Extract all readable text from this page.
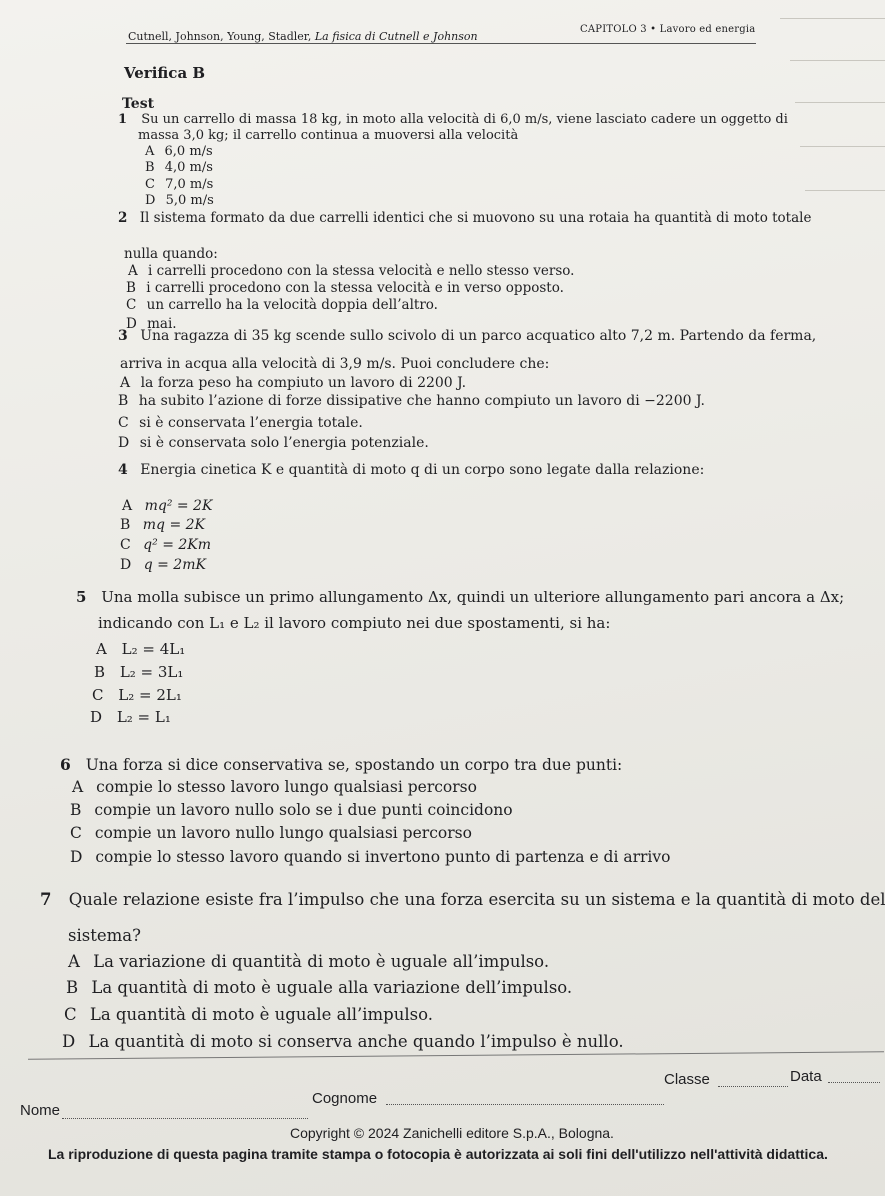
Cutnell, Johnson, Young, Stadler, La fisica di Cutnell e Johnson
CAPITOLO 3 • Lavoro ed energia
Verifica B
Test
1 Su un carrello di massa 18 kg, in moto alla velocità di 6,0 m/s, viene lasciato cadere un oggetto di
massa 3,0 kg; il carrello continua a muoversi alla velocità
A 6,0 m/s
B 4,0 m/s
C 7,0 m/s
D 5,0 m/s
2 Il sistema formato da due carrelli identici che si muovono su una rotaia ha quantità di moto totale
nulla quando:
A i carrelli procedono con la stessa velocità e nello stesso verso.
B i carrelli procedono con la stessa velocità e in verso opposto.
C un carrello ha la velocità doppia dell’altro.
D mai.
3 Una ragazza di 35 kg scende sullo scivolo di un parco acquatico alto 7,2 m. Partendo da ferma,
arriva in acqua alla velocità di 3,9 m/s. Puoi concludere che:
A la forza peso ha compiuto un lavoro di 2200 J.
B ha subito l’azione di forze dissipative che hanno compiuto un lavoro di −2200 J.
C si è conservata l’energia totale.
D si è conservata solo l’energia potenziale.
4 Energia cinetica K e quantità di moto q di un corpo sono legate dalla relazione:
A mq² = 2K
B mq = 2K
C q² = 2Km
D q = 2mK
5 Una molla subisce un primo allungamento Δx, quindi un ulteriore allungamento pari ancora a Δx;
indicando con L₁ e L₂ il lavoro compiuto nei due spostamenti, si ha:
A L₂ = 4L₁
B L₂ = 3L₁
C L₂ = 2L₁
D L₂ = L₁
6 Una forza si dice conservativa se, spostando un corpo tra due punti:
A compie lo stesso lavoro lungo qualsiasi percorso
B compie un lavoro nullo solo se i due punti coincidono
C compie un lavoro nullo lungo qualsiasi percorso
D compie lo stesso lavoro quando si invertono punto di partenza e di arrivo
7 Quale relazione esiste fra l’impulso che una forza esercita su un sistema e la quantità di moto del
sistema?
A La variazione di quantità di moto è uguale all’impulso.
B La quantità di moto è uguale alla variazione dell’impulso.
C La quantità di moto è uguale all’impulso.
D La quantità di moto si conserva anche quando l’impulso è nullo.
Nome
Cognome
Classe	Data
Copyright © 2024 Zanichelli editore S.p.A., Bologna.
La riproduzione di questa pagina tramite stampa o fotocopia è autorizzata ai soli fini dell'utilizzo nell'attività didattica.
